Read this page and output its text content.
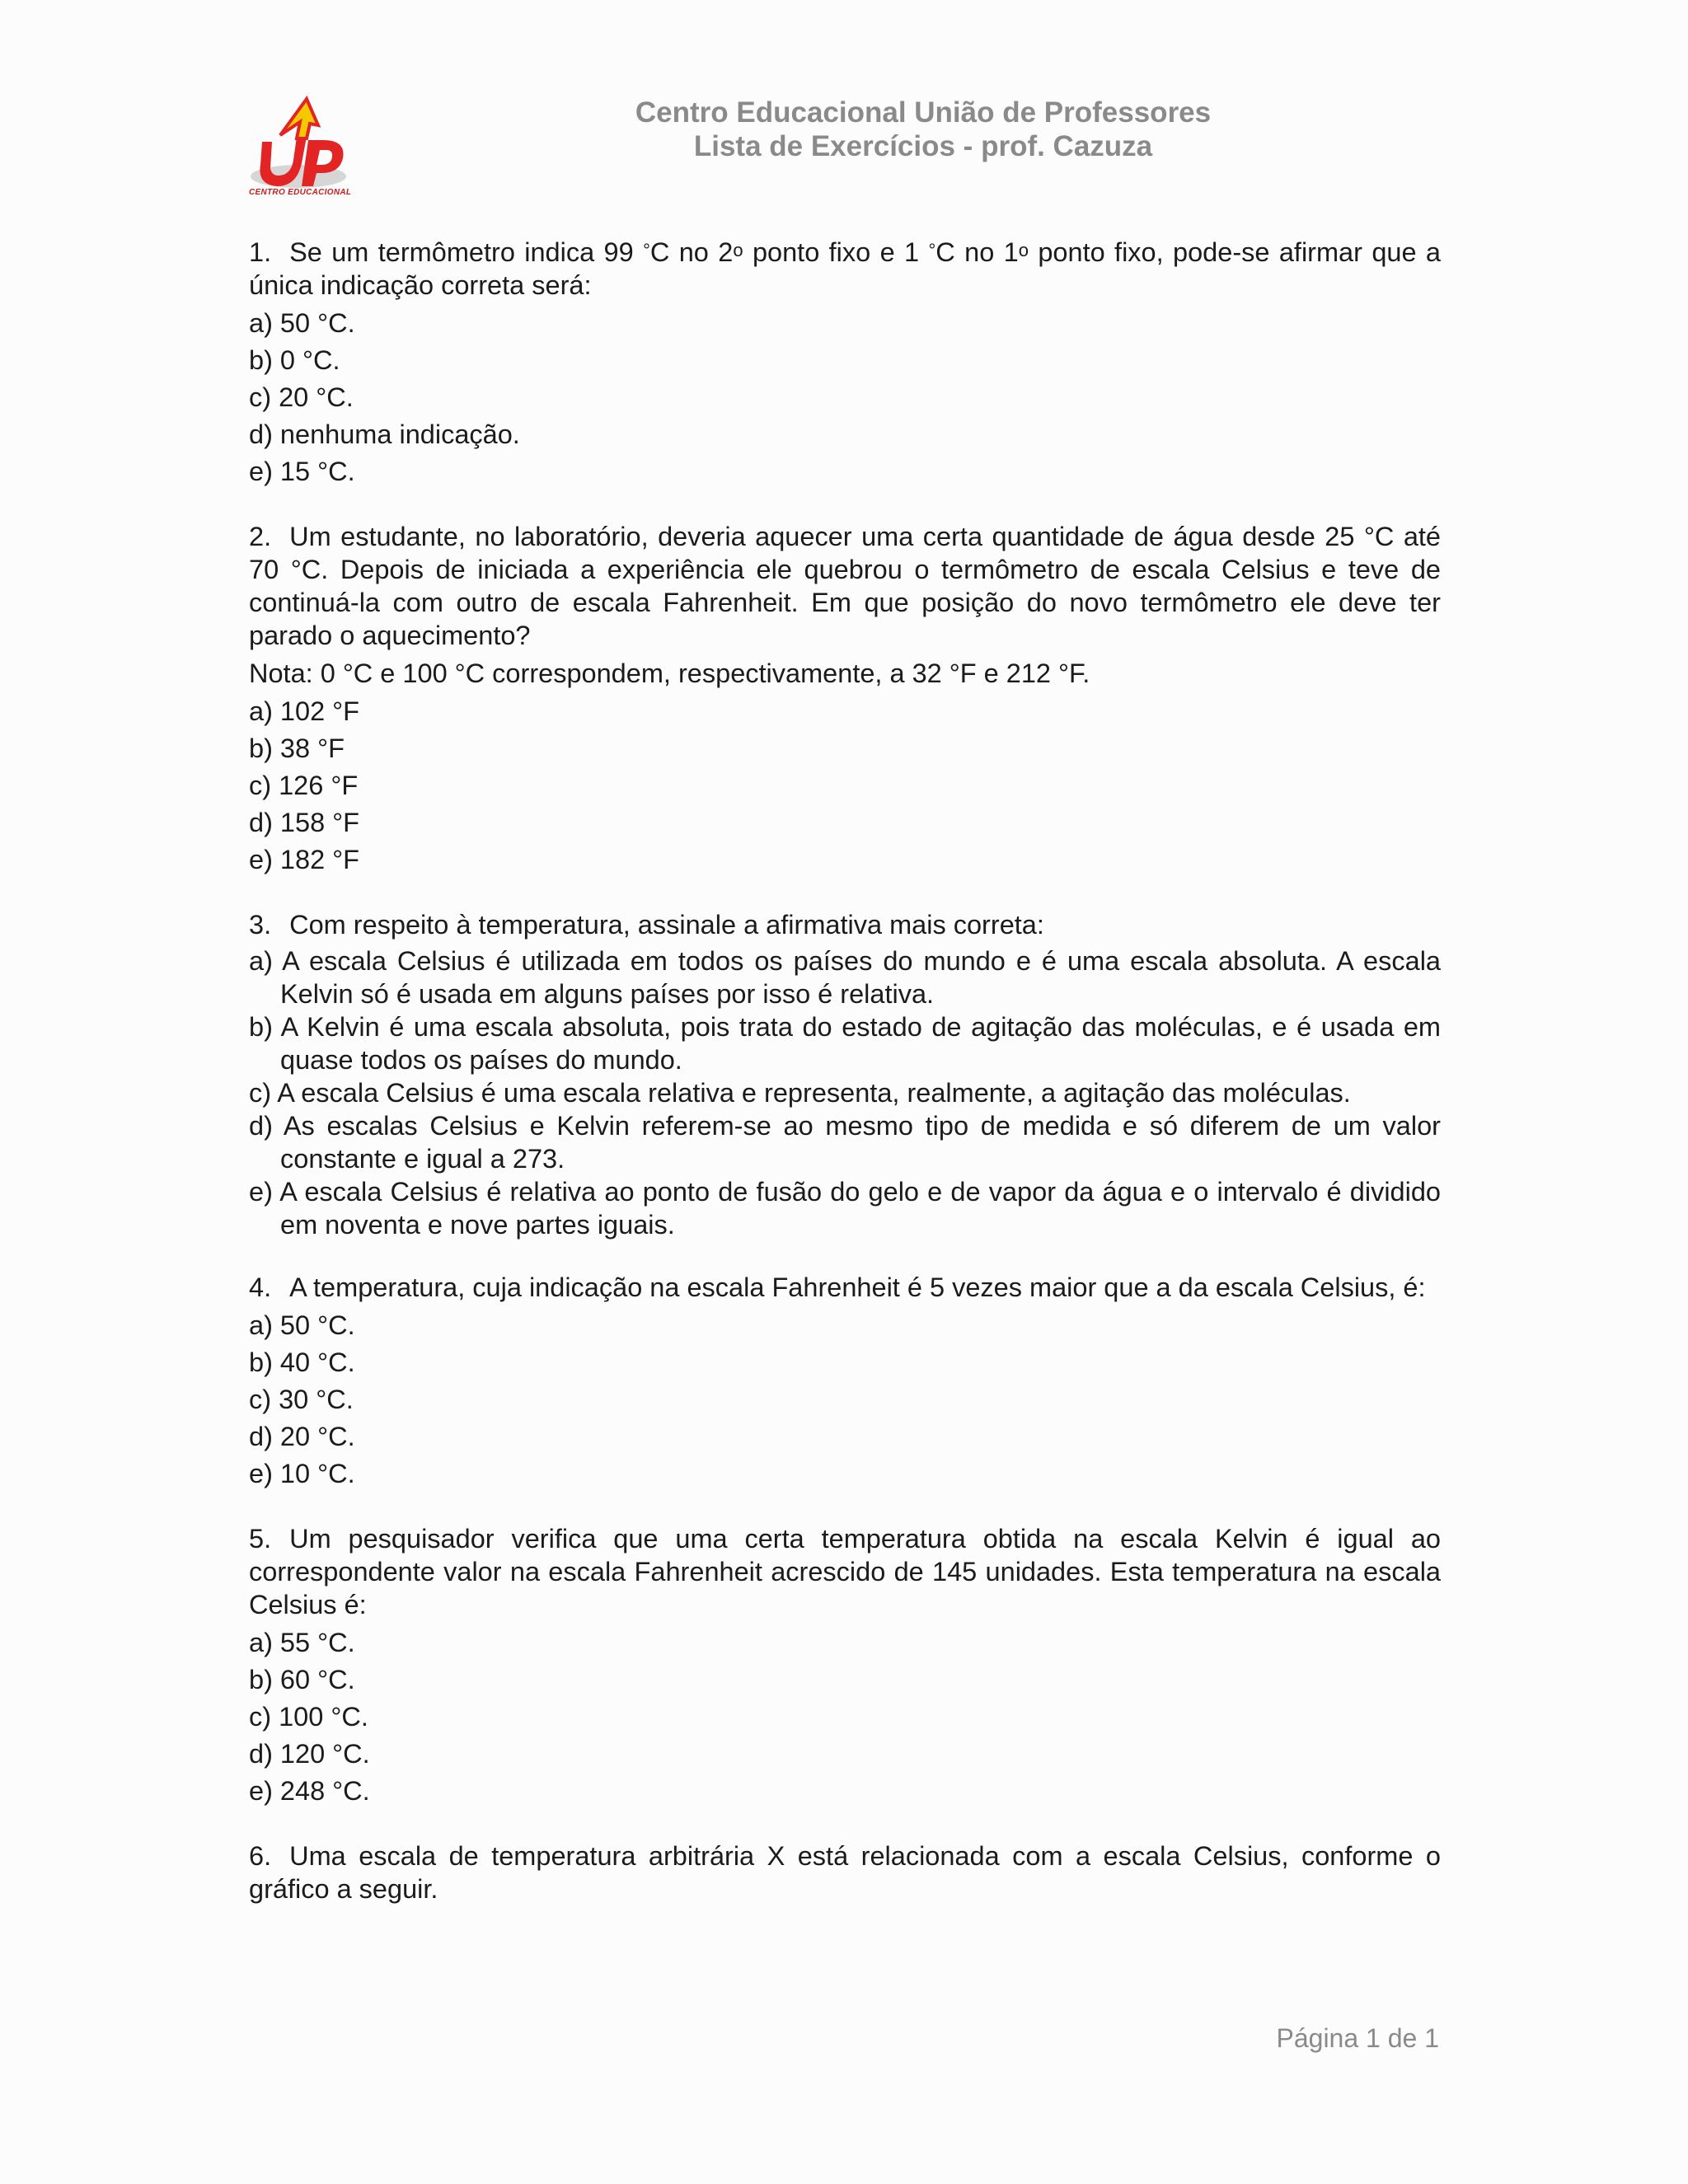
CENTRO EDUCACIONAL
Centro Educacional União de Professores
Lista de Exercícios - prof. Cazuza

1. Se um termômetro indica 99 °C no 2$^o$ ponto fixo e 1 °C no 1$^o$ ponto fixo, pode-se afirmar que a única indicação correta será:

a) 50 °C.
b) 0 °C.
c) 20 °C.
d) nenhuma indicação.
e) 15 °C.

2. Um estudante, no laboratório, deveria aquecer uma certa quantidade de água desde 25 °C até 70 °C. Depois de iniciada a experiência ele quebrou o termômetro de escala Celsius e teve de continuá-la com outro de escala Fahrenheit. Em que posição do novo termômetro ele deve ter parado o aquecimento?

Nota: 0 °C e 100 °C correspondem, respectivamente, a 32 °F e 212 °F.

a) 102 °F
b) 38 °F
c) 126 °F
d) 158 °F
e) 182 °F

3. Com respeito à temperatura, assinale a afirmativa mais correta:

a) A escala Celsius é utilizada em todos os países do mundo e é uma escala absoluta. A escala Kelvin só é usada em alguns países por isso é relativa.
b) A Kelvin é uma escala absoluta, pois trata do estado de agitação das moléculas, e é usada em quase todos os países do mundo.
c) A escala Celsius é uma escala relativa e representa, realmente, a agitação das moléculas.
d) As escalas Celsius e Kelvin referem-se ao mesmo tipo de medida e só diferem de um valor constante e igual a 273.
e) A escala Celsius é relativa ao ponto de fusão do gelo e de vapor da água e o intervalo é dividido em noventa e nove partes iguais.

4. A temperatura, cuja indicação na escala Fahrenheit é 5 vezes maior que a da escala Celsius, é:

a) 50 °C.
b) 40 °C.
c) 30 °C.
d) 20 °C.
e) 10 °C.

5. Um pesquisador verifica que uma certa temperatura obtida na escala Kelvin é igual ao correspondente valor na escala Fahrenheit acrescido de 145 unidades. Esta temperatura na escala Celsius é:

a) 55 °C.
b) 60 °C.
c) 100 °C.
d) 120 °C.
e) 248 °C.

6. Uma escala de temperatura arbitrária X está relacionada com a escala Celsius, conforme o gráfico a seguir.

Página 1 de 1
